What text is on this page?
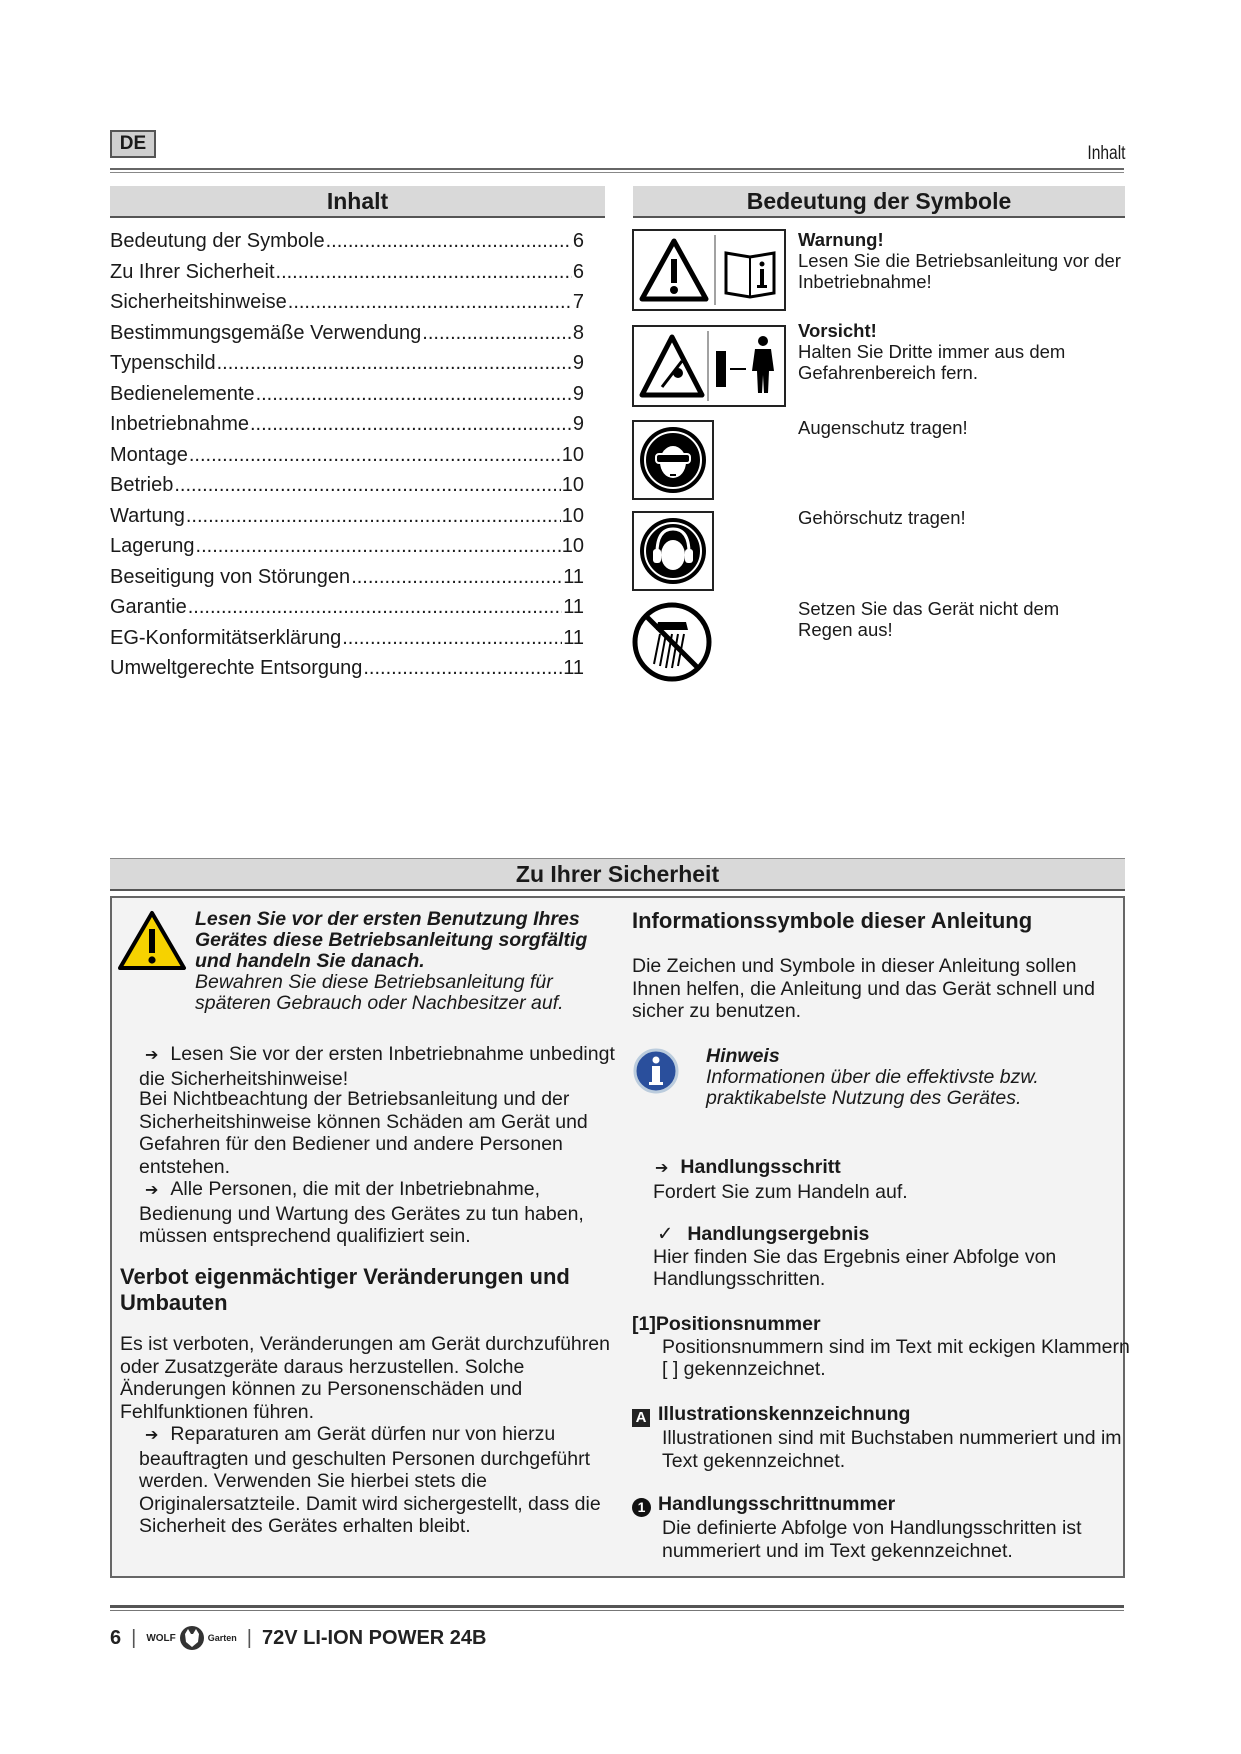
DE	Inhalt
Inhalt
Bedeutung der Symbole .....	6
Zu Ihrer Sicherheit .....	6
Sicherheitshinweise .....	7
Bestimmungsgemäße Verwendung .....	8
Typenschild .....	9
Bedienelemente .....	9
Inbetriebnahme .....	9
Montage .....	10
Betrieb .....	10
Wartung .....	10
Lagerung .....	10
Beseitigung von Störungen .....	11
Garantie .....	11
EG-Konformitätserklärung .....	11
Umweltgerechte Entsorgung .....	11
Bedeutung der Symbole
Warnung!
Lesen Sie die Betriebsanleitung vor der Inbetriebnahme!
Vorsicht!
Halten Sie Dritte immer aus dem Gefahrenbereich fern.
Augenschutz tragen!
Gehörschutz tragen!
Setzen Sie das Gerät nicht dem Regen aus!
Zu Ihrer Sicherheit
Lesen Sie vor der ersten Benutzung Ihres Gerätes diese Betriebsanleitung sorgfältig und handeln Sie danach.
Bewahren Sie diese Betriebsanleitung für späteren Gebrauch oder Nachbesitzer auf.
➔ Lesen Sie vor der ersten Inbetriebnahme unbedingt die Sicherheitshinweise!
Bei Nichtbeachtung der Betriebsanleitung und der Sicherheitshinweise können Schäden am Gerät und Gefahren für den Bediener und andere Personen entstehen.
➔ Alle Personen, die mit der Inbetriebnahme, Bedienung und Wartung des Gerätes zu tun haben, müssen entsprechend qualifiziert sein.
Verbot eigenmächtiger Veränderungen und Umbauten
Es ist verboten, Veränderungen am Gerät durchzuführen oder Zusatzgeräte daraus herzustellen. Solche Änderungen können zu Personenschäden und Fehlfunktionen führen.
➔ Reparaturen am Gerät dürfen nur von hierzu beauftragten und geschulten Personen durchgeführt werden. Verwenden Sie hierbei stets die Originalersatzteile. Damit wird sichergestellt, dass die Sicherheit des Gerätes erhalten bleibt.
Informationssymbole dieser Anleitung
Die Zeichen und Symbole in dieser Anleitung sollen Ihnen helfen, die Anleitung und das Gerät schnell und sicher zu benutzen.
Hinweis
Informationen über die effektivste bzw. praktikabelste Nutzung des Gerätes.
➔ Handlungsschritt
Fordert Sie zum Handeln auf.
✓ Handlungsergebnis
Hier finden Sie das Ergebnis einer Abfolge von Handlungsschritten.
[1]Positionsnummer
Positionsnummern sind im Text mit eckigen Klammern [ ] gekennzeichnet.
A Illustrationskennzeichnung
Illustrationen sind mit Buchstaben nummeriert und im Text gekennzeichnet.
1 Handlungsschrittnummer
Die definierte Abfolge von Handlungsschritten ist nummeriert und im Text gekennzeichnet.
6 | WOLF	Garten | 72V LI-ION POWER 24B
